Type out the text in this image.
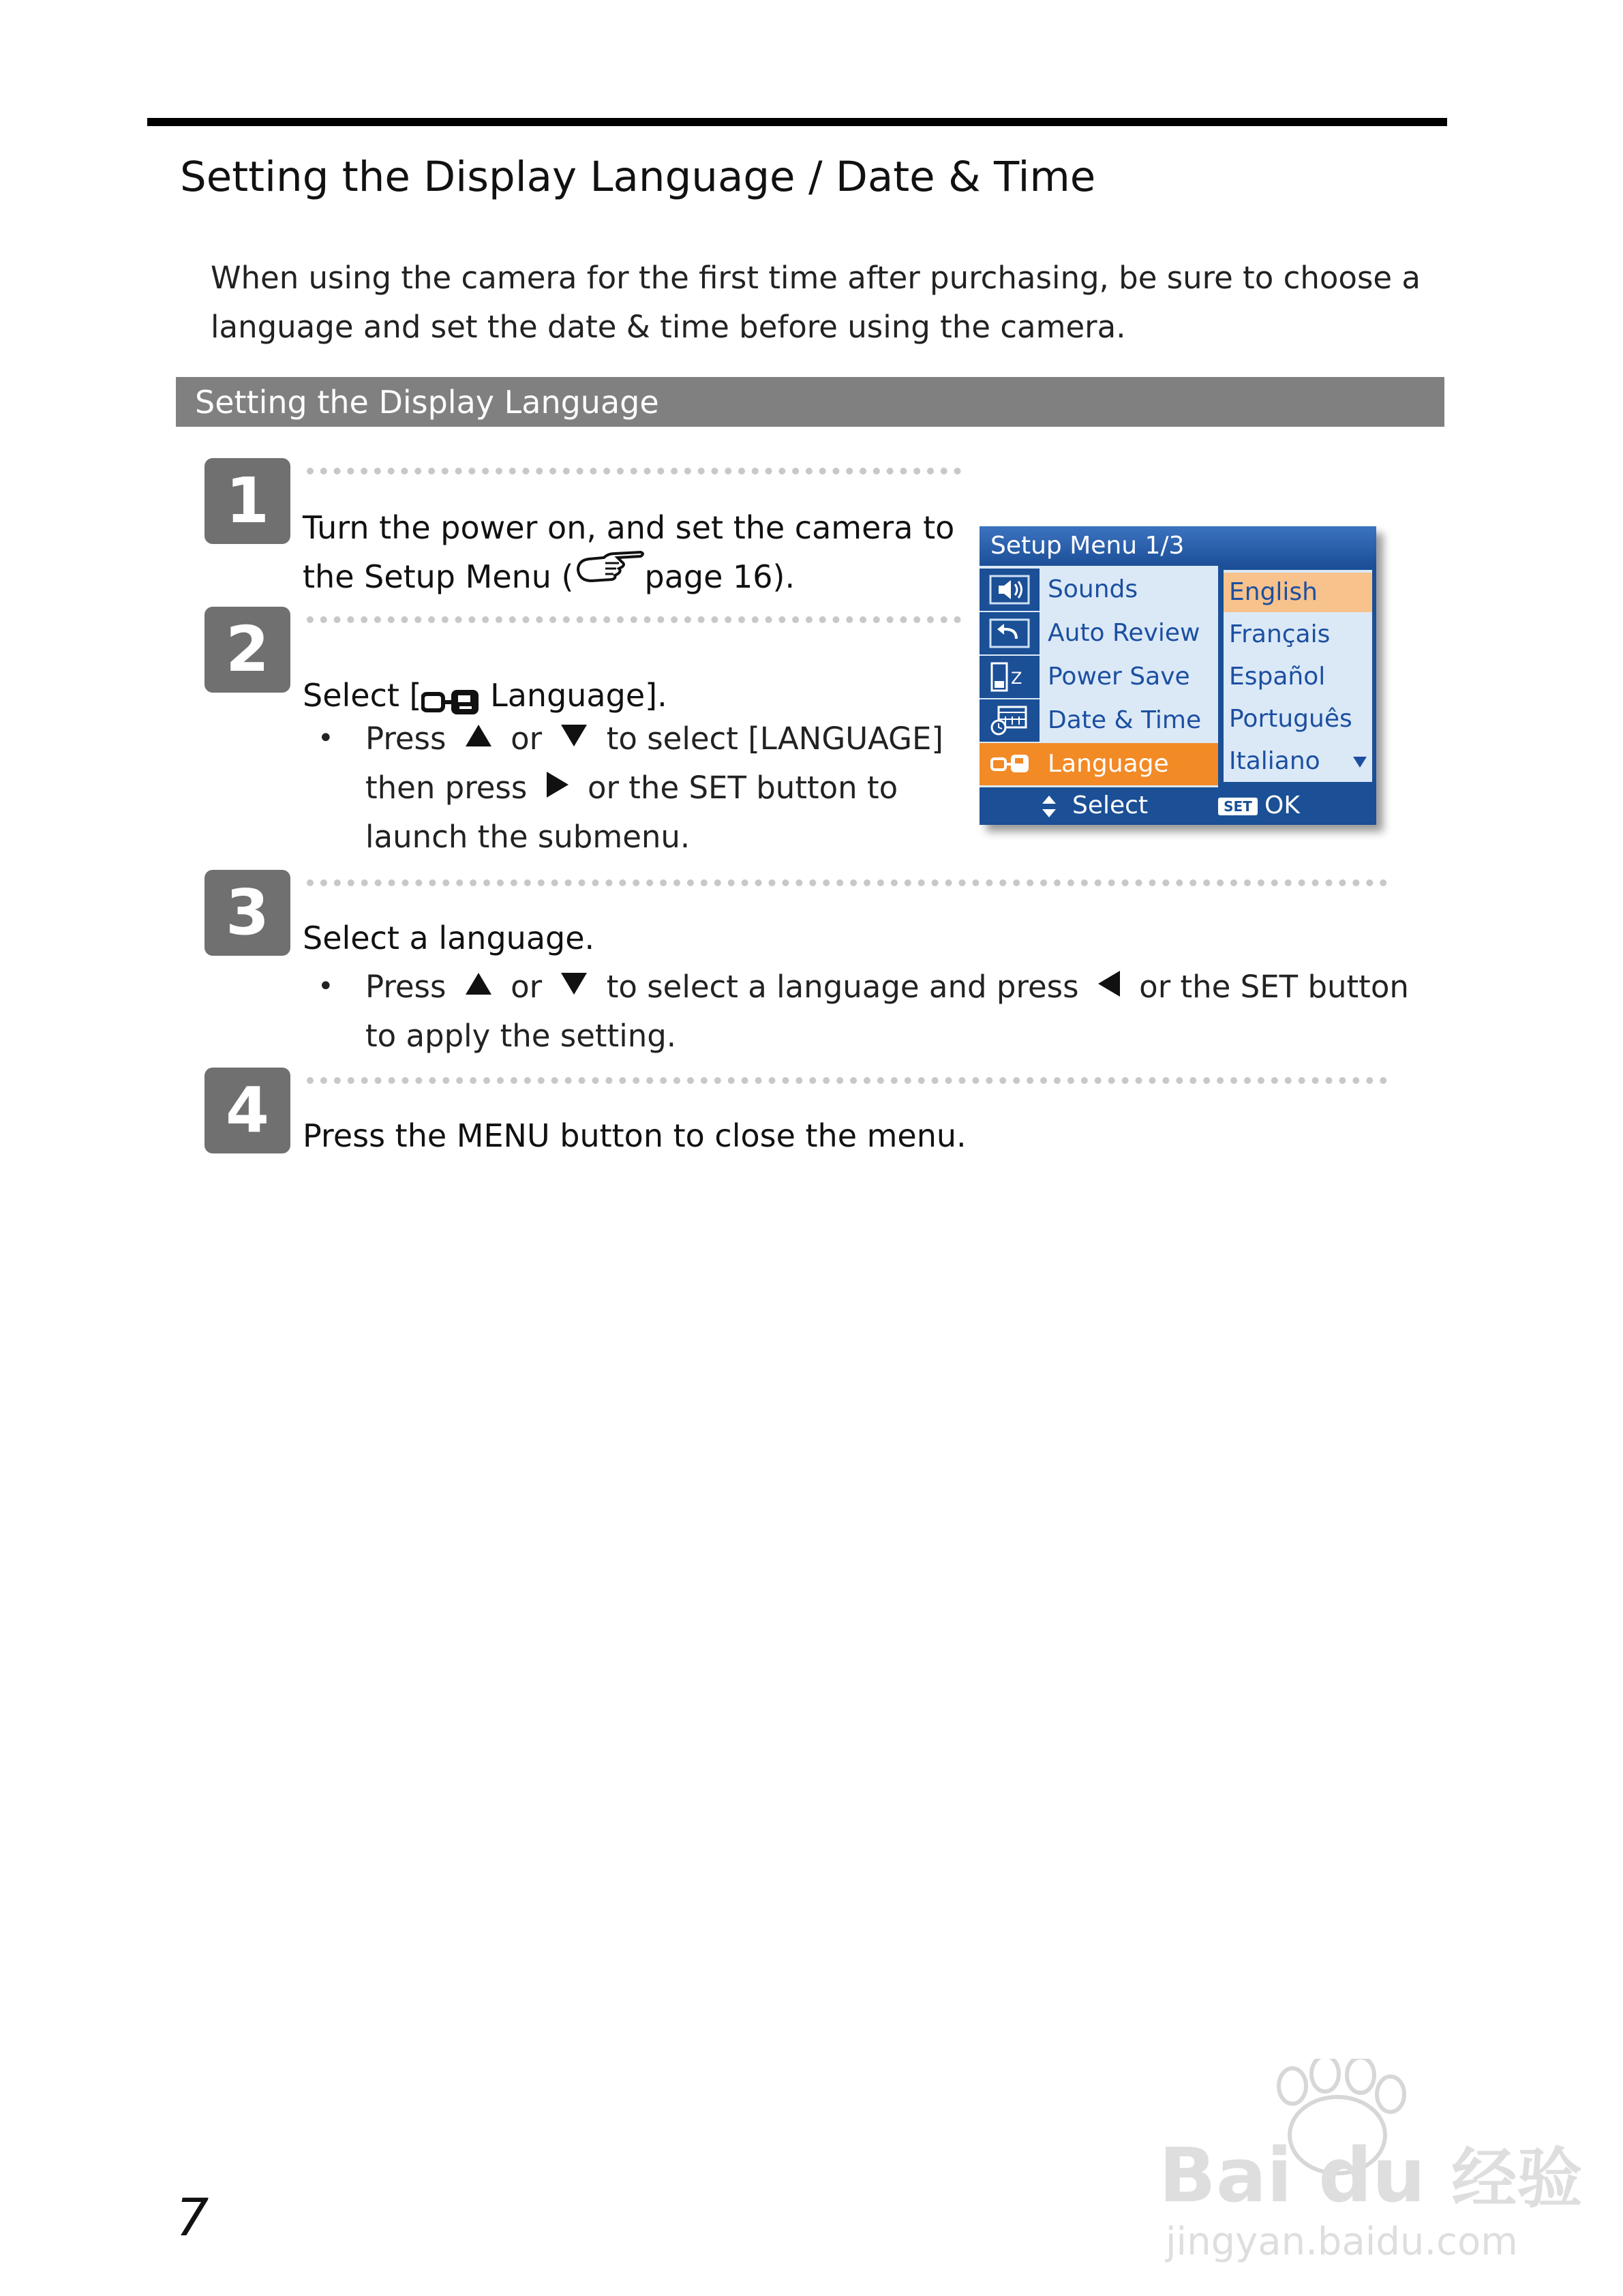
Setting the Display Language / Date & Time
When using the camera for the first time after purchasing, be sure to choose a
language and set the date & time before using the camera.
Setting the Display Language
1	Turn the power on, and set the camera to
the Setup Menu ( page 16).
2
Select [ Language].
• Press or to select [LANGUAGE]
then press or the SET button to
launch the submenu.
Setup Menu 1/3
Sounds
Auto Review
Z Power Save
Date & Time
Language
English
Français
Español
Português
Italiano
Select	SET OK
3	Select a language.
• Press or to select a language and press or the SET button
to apply the setting.
4	Press the MENU button to close the menu.
7	Bai du 经验
jingyan.baidu.com
